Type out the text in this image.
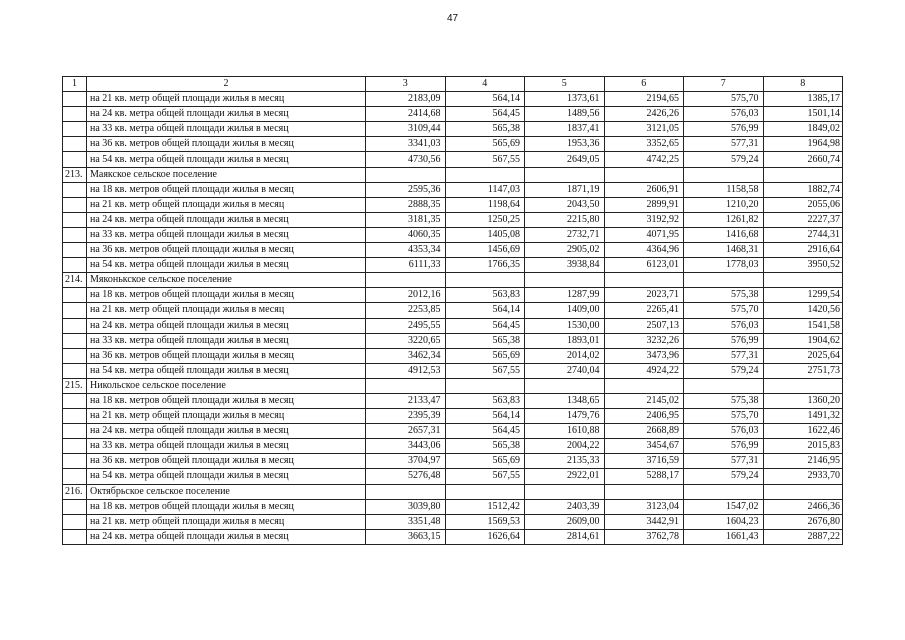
47
1	2	3	4	5	6	7	8
	на 21 кв. метр общей площади жилья в месяц	2183,09	564,14	1373,61	2194,65	575,70	1385,17
	на 24 кв. метра общей площади жилья в месяц	2414,68	564,45	1489,56	2426,26	576,03	1501,14
	на 33 кв. метра общей площади жилья в месяц	3109,44	565,38	1837,41	3121,05	576,99	1849,02
	на 36 кв. метров общей площади жилья в месяц	3341,03	565,69	1953,36	3352,65	577,31	1964,98
	на 54 кв. метра общей площади жилья в месяц	4730,56	567,55	2649,05	4742,25	579,24	2660,74
213.	Маякское сельское поселение						
	на 18 кв. метров общей площади жилья в месяц	2595,36	1147,03	1871,19	2606,91	1158,58	1882,74
	на 21 кв. метр общей площади жилья в месяц	2888,35	1198,64	2043,50	2899,91	1210,20	2055,06
	на 24 кв. метра общей площади жилья в месяц	3181,35	1250,25	2215,80	3192,92	1261,82	2227,37
	на 33 кв. метра общей площади жилья в месяц	4060,35	1405,08	2732,71	4071,95	1416,68	2744,31
	на 36 кв. метров общей площади жилья в месяц	4353,34	1456,69	2905,02	4364,96	1468,31	2916,64
	на 54 кв. метра общей площади жилья в месяц	6111,33	1766,35	3938,84	6123,01	1778,03	3950,52
214.	Мяконькское сельское поселение						
	на 18 кв. метров общей площади жилья в месяц	2012,16	563,83	1287,99	2023,71	575,38	1299,54
	на 21 кв. метр общей площади жилья в месяц	2253,85	564,14	1409,00	2265,41	575,70	1420,56
	на 24 кв. метра общей площади жилья в месяц	2495,55	564,45	1530,00	2507,13	576,03	1541,58
	на 33 кв. метра общей площади жилья в месяц	3220,65	565,38	1893,01	3232,26	576,99	1904,62
	на 36 кв. метров общей площади жилья в месяц	3462,34	565,69	2014,02	3473,96	577,31	2025,64
	на 54 кв. метра общей площади жилья в месяц	4912,53	567,55	2740,04	4924,22	579,24	2751,73
215.	Никольское сельское поселение						
	на 18 кв. метров общей площади жилья в месяц	2133,47	563,83	1348,65	2145,02	575,38	1360,20
	на 21 кв. метр общей площади жилья в месяц	2395,39	564,14	1479,76	2406,95	575,70	1491,32
	на 24 кв. метра общей площади жилья в месяц	2657,31	564,45	1610,88	2668,89	576,03	1622,46
	на 33 кв. метра общей площади жилья в месяц	3443,06	565,38	2004,22	3454,67	576,99	2015,83
	на 36 кв. метров общей площади жилья в месяц	3704,97	565,69	2135,33	3716,59	577,31	2146,95
	на 54 кв. метра общей площади жилья в месяц	5276,48	567,55	2922,01	5288,17	579,24	2933,70
216.	Октябрьское сельское поселение						
	на 18 кв. метров общей площади жилья в месяц	3039,80	1512,42	2403,39	3123,04	1547,02	2466,36
	на 21 кв. метр общей площади жилья в месяц	3351,48	1569,53	2609,00	3442,91	1604,23	2676,80
	на 24 кв. метра общей площади жилья в месяц	3663,15	1626,64	2814,61	3762,78	1661,43	2887,22
